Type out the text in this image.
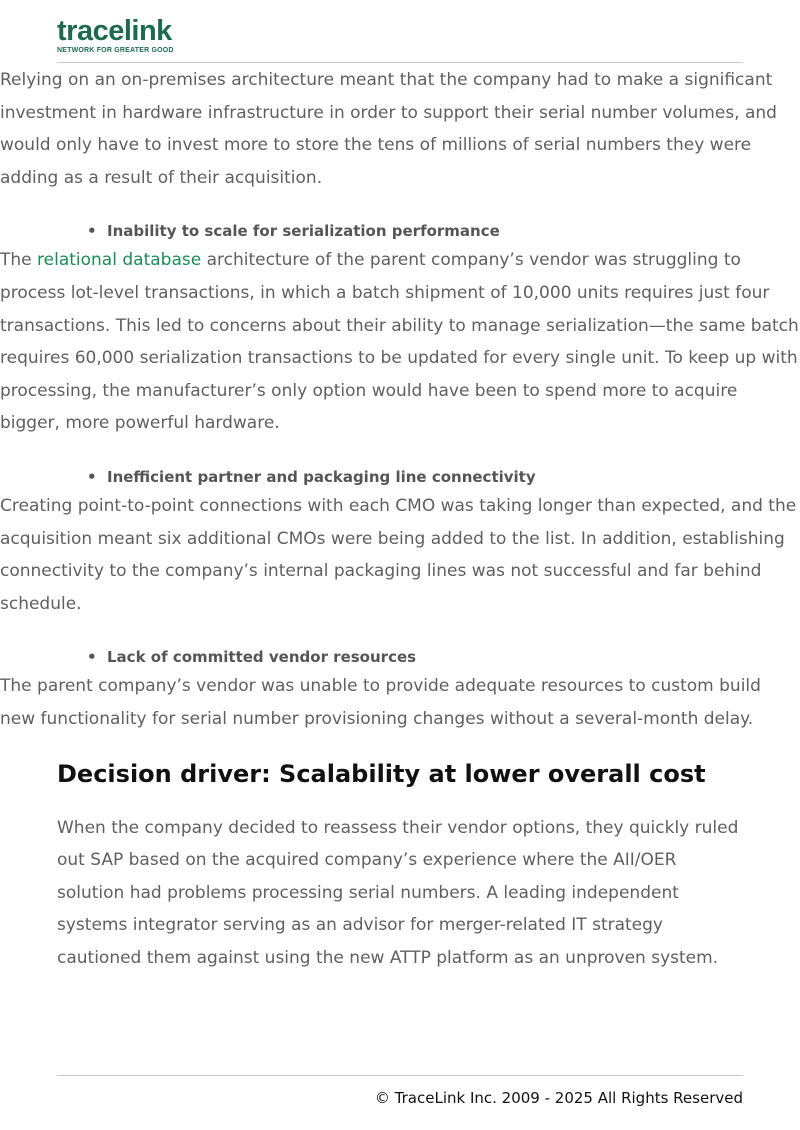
tracelink
NETWORK FOR GREATER GOOD

Relying on an on-premises architecture meant that the company had to make a significant investment in hardware infrastructure in order to support their serial number volumes, and would only have to invest more to store the tens of millions of serial numbers they were adding as a result of their acquisition.

• Inability to scale for serialization performance

The relational database architecture of the parent company’s vendor was struggling to process lot-level transactions, in which a batch shipment of 10,000 units requires just four transactions. This led to concerns about their ability to manage serialization—the same batch requires 60,000 serialization transactions to be updated for every single unit. To keep up with processing, the manufacturer’s only option would have been to spend more to acquire bigger, more powerful hardware.

• Inefficient partner and packaging line connectivity

Creating point-to-point connections with each CMO was taking longer than expected, and the acquisition meant six additional CMOs were being added to the list. In addition, establishing connectivity to the company’s internal packaging lines was not successful and far behind schedule.

• Lack of committed vendor resources

The parent company’s vendor was unable to provide adequate resources to custom build new functionality for serial number provisioning changes without a several-month delay.

Decision driver: Scalability at lower overall cost

When the company decided to reassess their vendor options, they quickly ruled out SAP based on the acquired company’s experience where the AII/OER solution had problems processing serial numbers. A leading independent systems integrator serving as an advisor for merger-related IT strategy cautioned them against using the new ATTP platform as an unproven system.

© TraceLink Inc. 2009 - 2025 All Rights Reserved
